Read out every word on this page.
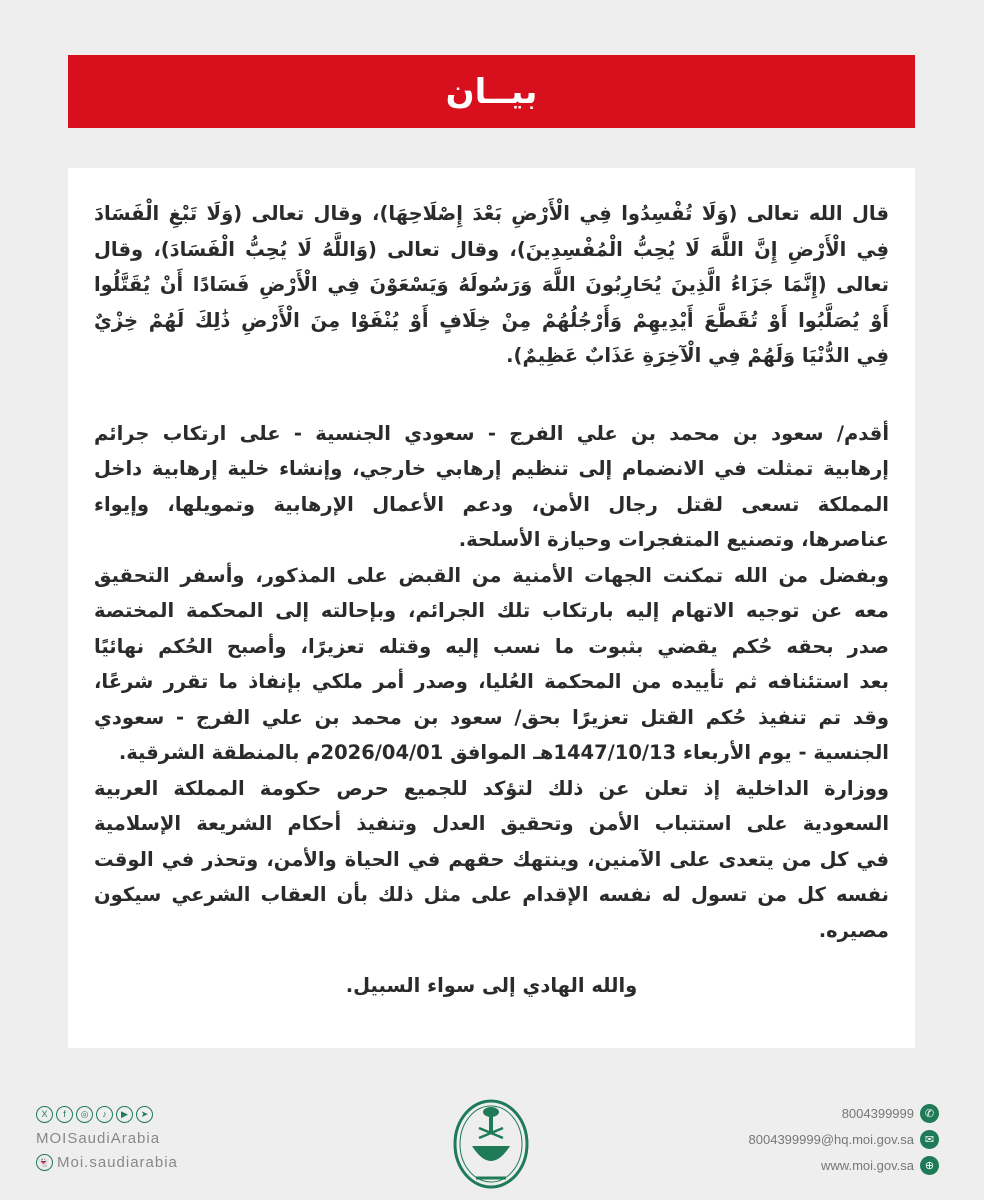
بيــان
قال الله تعالى (وَلَا تُفْسِدُوا فِي الْأَرْضِ بَعْدَ إِصْلَاحِهَا)، وقال تعالى (وَلَا تَبْغِ الْفَسَادَ
فِي الْأَرْضِ إِنَّ اللَّهَ لَا يُحِبُّ الْمُفْسِدِينَ)، وقال تعالى (وَاللَّهُ لَا يُحِبُّ الْفَسَادَ)، وقال
تعالى (إِنَّمَا جَزَاءُ الَّذِينَ يُحَارِبُونَ اللَّهَ وَرَسُولَهُ وَيَسْعَوْنَ فِي الْأَرْضِ فَسَادًا أَنْ يُقَتَّلُوا
أَوْ يُصَلَّبُوا أَوْ تُقَطَّعَ أَيْدِيهِمْ وَأَرْجُلُهُمْ مِنْ خِلَافٍ أَوْ يُنْفَوْا مِنَ الْأَرْضِ ذَٰلِكَ لَهُمْ خِزْيٌ
فِي الدُّنْيَا وَلَهُمْ فِي الْآخِرَةِ عَذَابٌ عَظِيمٌ).
أقدم/ سعود بن محمد بن علي الفرج - سعودي الجنسية - على ارتكاب جرائم
إرهابية تمثلت في الانضمام إلى تنظيم إرهابي خارجي، وإنشاء خلية إرهابية داخل
المملكة تسعى لقتل رجال الأمن، ودعم الأعمال الإرهابية وتمويلها، وإيواء
عناصرها، وتصنيع المتفجرات وحيازة الأسلحة.
وبفضل من الله تمكنت الجهات الأمنية من القبض على المذكور، وأسفر التحقيق
معه عن توجيه الاتهام إليه بارتكاب تلك الجرائم، وبإحالته إلى المحكمة المختصة
صدر بحقه حُكم يقضي بثبوت ما نسب إليه وقتله تعزيرًا، وأصبح الحُكم نهائيًا
بعد استئنافه ثم تأييده من المحكمة العُليا، وصدر أمر ملكي بإنفاذ ما تقرر شرعًا،
وقد تم تنفيذ حُكم القتل تعزيرًا بحق/ سعود بن محمد بن علي الفرج - سعودي
الجنسية - يوم الأربعاء 1447/10/13هـ الموافق 2026/04/01م بالمنطقة الشرقية.
ووزارة الداخلية إذ تعلن عن ذلك لتؤكد للجميع حرص حكومة المملكة العربية
السعودية على استتباب الأمن وتحقيق العدل وتنفيذ أحكام الشريعة الإسلامية
في كل من يتعدى على الآمنين، وينتهك حقهم في الحياة والأمن، وتحذر في الوقت
نفسه كل من تسول له نفسه الإقدام على مثل ذلك بأن العقاب الشرعي سيكون
مصيره.
والله الهادي إلى سواء السبيل.
X	f	◎	♪	▶	➤
MOISaudiArabia
👻 Moi.saudiarabia
8004399999 ✆
8004399999@hq.moi.gov.sa ✉
www.moi.gov.sa ⊕
